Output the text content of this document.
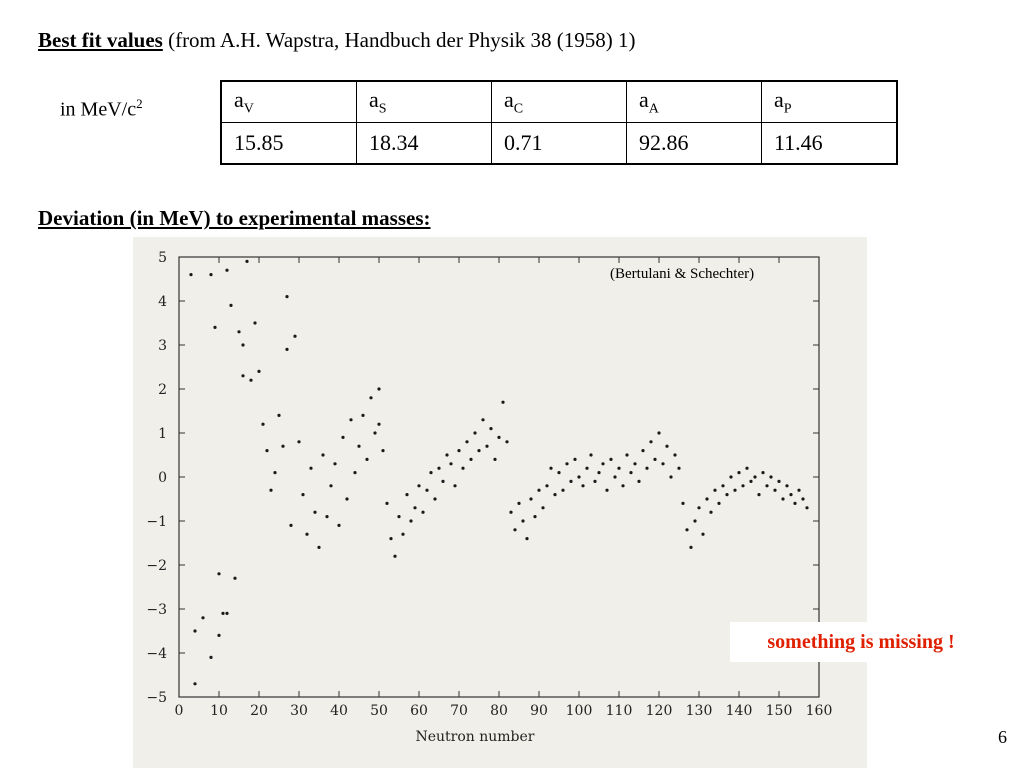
Best fit values (from A.H. Wapstra, Handbuch der Physik 38 (1958) 1)
in MeV/$c^2$	$a_V$	$a_S$	$a_C$	$a_A$	$a_P$
15.85	18.34	0.71	92.86	11.46
Deviation (in MeV) to experimental masses:
0 10 20 30 40 50 60 70 80 90 100 110 120 130 140 150 160
5
4
3
2
1
0
−1
−2
−3
−4
−5
Neutron number
(Bertulani & Schechter)
something is missing !
6
